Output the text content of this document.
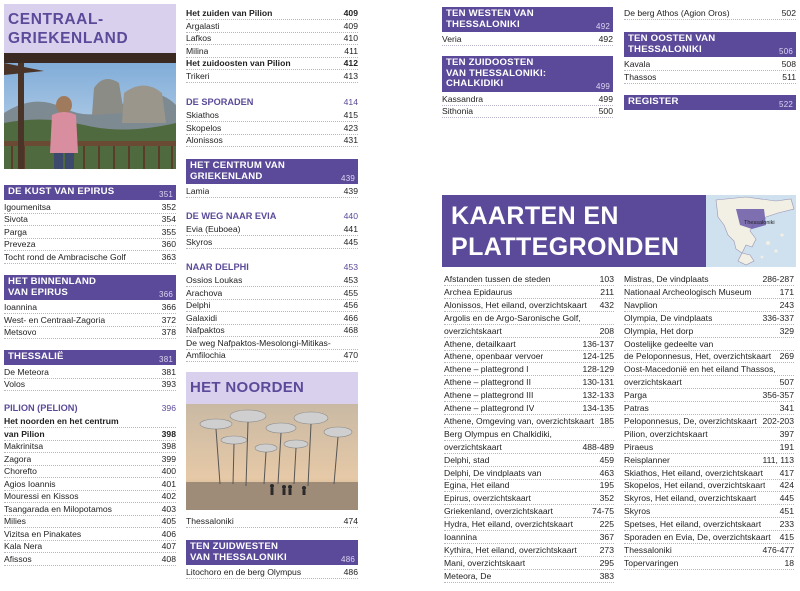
CENTRAAL-
GRIEKENLAND
HET NOORDEN
KAARTEN EN
PLATTEGRONDEN
Thessaloniki
DE KUST VAN EPIRUS	351
Igoumenitsa	352
Sivota	354
Parga	355
Preveza	360
Tocht rond de Ambracische Golf	363
HET BINNENLAND
VAN EPIRUS	366
Ioannina	366
West- en Centraal-Zagoria	372
Metsovo	378
THESSALIË	381
De Meteora	381
Volos	393
PILION (PELION)	396
Het noorden en het centrum
van Pilion	398
Makrinitsa	398
Zagora	399
Chorefto	400
Agios Ioannis	401
Mouressi en Kissos	402
Tsangarada en Milopotamos	403
Milies	405
Vizitsa en Pinakates	406
Kala Nera	407
Afissos	408
Het zuiden van Pilion	409
Argalasti	409
Lafkos	410
Milina	411
Het zuidoosten van Pilion	412
Trikeri	413
DE SPORADEN	414
Skiathos	415
Skopelos	423
Alonissos	431
HET CENTRUM VAN
GRIEKENLAND	439
Lamia	439
DE WEG NAAR EVIA	440
Evia (Euboea)	441
Skyros	445
NAAR DELPHI	453
Ossios Loukas	453
Arachova	455
Delphi	456
Galaxidi	466
Nafpaktos	468
De weg Nafpaktos-Mesolongi-Mitikas-
Amfilochia	470
Thessaloniki	474
TEN ZUIDWESTEN
VAN THESSALONIKI	486
Litochoro en de berg Olympus	486
TEN WESTEN VAN
THESSALONIKI	492
Veria	492
TEN ZUIDOOSTEN
VAN THESSALONIKI:
CHALKIDIKI	499
Kassandra	499
Sithonia	500
De berg Athos (Agion Oros)	502
TEN OOSTEN VAN
THESSALONIKI	506
Kavala	508
Thassos	511
REGISTER	522
Afstanden tussen de steden	103
Archea Epidaurus	211
Alonissos, Het eiland, overzichtskaart	432
Argolis en de Argo-Saronische Golf,
overzichtskaart	208
Athene, detailkaart	136-137
Athene, openbaar vervoer	124-125
Athene – plattegrond I	128-129
Athene – plattegrond II	130-131
Athene – plattegrond III	132-133
Athene – plattegrond IV	134-135
Athene, Omgeving van, overzichtskaart 185
Berg Olympus en Chalkidiki,
overzichtskaart	488-489
Delphi, stad	459
Delphi, De vindplaats van	463
Egina, Het eiland	195
Epirus, overzichtskaart	352
Griekenland, overzichtskaart	74-75
Hydra, Het eiland, overzichtskaart	225
Ioannina	367
Kythira, Het eiland, overzichtskaart	273
Mani, overzichtskaart	295
Meteora, De	383
Mistras, De vindplaats	286-287
Nationaal Archeologisch Museum	171
Navplion	243
Olympia, De vindplaats	336-337
Olympia, Het dorp	329
Oostelijke gedeelte van
de Peloponnesus, Het, overzichtskaart 269
Oost-Macedonië en het eiland Thassos,
overzichtskaart	507
Parga	356-357
Patras	341
Peloponnesus, De, overzichtskaart 202-203
Pilion, overzichtskaart	397
Piraeus	191
Reisplanner	111, 113
Skiathos, Het eiland, overzichtskaart	417
Skopelos, Het eiland, overzichtskaart	424
Skyros, Het eiland, overzichtskaart	445
Skyros	451
Spetses, Het eiland, overzichtskaart	233
Sporaden en Evia, De, overzichtskaart	415
Thessaloniki	476-477
Topervaringen	18
